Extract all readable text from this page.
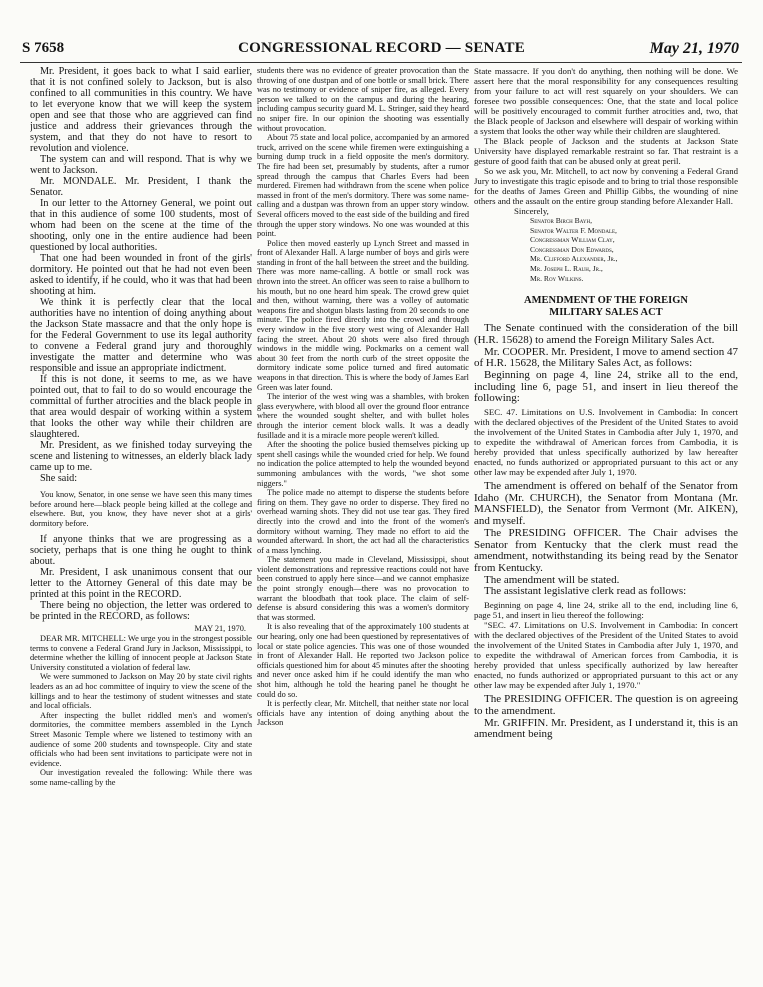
CONGRESSIONAL RECORD — SENATE
S 7658	May 21, 1970

Mr. President, it goes back to what I said earlier, that it is not confined solely to Jackson, but is also confined to all communities in this country. We have to let everyone know that we will keep the system open and see that those who are aggrieved can find justice and address their grievances through the system, and that they do not have to resort to revolution and violence.

The system can and will respond. That is why we went to Jackson.

Mr. MONDALE. Mr. President, I thank the Senator.

In our letter to the Attorney General, we point out that in this audience of some 100 students, most of whom had been on the scene at the time of the shooting, only one in the entire audience had been questioned by local authorities.

That one had been wounded in front of the girls' dormitory. He pointed out that he had not even been asked to identify, if he could, who it was that had been shooting at him.

We think it is perfectly clear that the local authorities have no intention of doing anything about the Jackson State massacre and that the only hope is for the Federal Government to use its legal authority to convene a Federal grand jury and thoroughly investigate the matter and determine who was responsible and issue an appropriate indictment.

If this is not done, it seems to me, as we have pointed out, that to fail to do so would encourage the committal of further atrocities and the black people in that area would despair of working within a system that looks the other way while their children are slaughtered.

Mr. President, as we finished today surveying the scene and listening to witnesses, an elderly black lady came up to me.

She said:

You know, Senator, in one sense we have seen this many times before around here—black people being killed at the college and elsewhere. But, you know, they have never shot at a girls' dormitory before.

If anyone thinks that we are progressing as a society, perhaps that is one thing he ought to think about.

Mr. President, I ask unanimous consent that our letter to the Attorney General of this date may be printed at this point in the RECORD.

There being no objection, the letter was ordered to be printed in the RECORD, as follows:

MAY 21, 1970.

DEAR MR. MITCHELL: We urge you in the strongest possible terms to convene a Federal Grand Jury in Jackson, Mississippi, to determine whether the killing of innocent people at Jackson State University constituted a violation of federal law.

We were summoned to Jackson on May 20 by state civil rights leaders as an ad hoc committee of inquiry to view the scene of the killings and to hear the testimony of student witnesses and state and local officials.

After inspecting the bullet riddled men's and women's dormitories, the committee members assembled in the Lynch Street Masonic Temple where we listened to testimony with an audience of some 200 students and townspeople. City and state officials who had been sent invitations to participate were not in evidence.

Our investigation revealed the following: While there was some name-calling by the

students there was no evidence of greater provocation than the throwing of one dustpan and of one bottle or small brick. There was no testimony or evidence of sniper fire, as alleged. Every person we talked to on the campus and during the hearing, including campus security guard M. L. Stringer, said they heard no sniper fire. In our opinion the shooting was essentially without provocation.

About 75 state and local police, accompanied by an armored truck, arrived on the scene while firemen were extinguishing a burning dump truck in a field opposite the men's dormitory. The fire had been set, presumably by students, after a rumor spread through the campus that Charles Evers had been murdered. Firemen had withdrawn from the scene when police massed in front of the men's dormitory. There was some name-calling and a dustpan was thrown from an upper story window. Several officers moved to the east side of the building and fired through the upper story windows. No one was wounded at this point.

Police then moved easterly up Lynch Street and massed in front of Alexander Hall. A large number of boys and girls were standing in front of the hall between the street and the building. There was more name-calling. A bottle or small rock was thrown into the street. An officer was seen to raise a bullhorn to his mouth, but no one heard him speak. The crowd grew quiet and then, without warning, there was a volley of automatic weapons fire and shotgun blasts lasting from 20 seconds to one minute. The police fired directly into the crowd and through every window in the five story west wing of Alexander Hall facing the street. About 20 shots were also fired through windows in the middle wing. Pockmarks on a cement wall about 30 feet from the north curb of the street opposite the dormitory indicate some police turned and fired automatic weapons in that direction. This is where the body of James Earl Green was later found.

The interior of the west wing was a shambles, with broken glass everywhere, with blood all over the ground floor entrance where the wounded sought shelter, and with bullet holes through the interior cement block walls. It was a deadly fusillade and it is a miracle more people weren't killed.

After the shooting the police busied themselves picking up spent shell casings while the wounded cried for help. We found no indication the police attempted to help the wounded beyond summoning ambulances with the words, "we shot some niggers."

The police made no attempt to disperse the students before firing on them. They gave no order to disperse. They fired no overhead warning shots. They did not use tear gas. They fired directly into the crowd and into the front of the women's dormitory without warning. They made no effort to aid the wounded afterward. In short, the act had all the characteristics of a mass lynching.

The statement you made in Cleveland, Mississippi, shout violent demonstrations and repressive reactions could not have been construed to apply here since—and we cannot emphasize the point strongly enough—there was no provocation to warrant the bloodbath that took place. The claim of self-defense is absurd considering this was a women's dormitory that was stormed.

It is also revealing that of the approximately 100 students at our hearing, only one had been questioned by representatives of local or state police agencies. This was one of those wounded in front of Alexander Hall. He reported two Jackson police officials questioned him for about 45 minutes after the shooting and never once asked him if he could identify the man who shot him, although he told the hearing panel he thought he could do so.

It is perfectly clear, Mr. Mitchell, that neither state nor local officials have any intention of doing anything about the Jackson

State massacre. If you don't do anything, then nothing will be done. We assert here that the moral responsibility for any consequences resulting from your failure to act will rest squarely on your shoulders. We can foresee two possible consequences: One, that the state and local police will be positively encouraged to commit further atrocities and, two, that the Black people of Jackson and elsewhere will despair of working within a system that looks the other way while their children are slaughtered.

The Black people of Jackson and the students at Jackson State University have displayed remarkable restraint so far. That restraint is a gesture of good faith that can be abused only at great peril.

So we ask you, Mr. Mitchell, to act now by convening a Federal Grand Jury to investigate this tragic episode and to bring to trial those responsible for the deaths of James Green and Phillip Gibbs, the wounding of nine others and the assault on the entire group standing before Alexander Hall.

Sincerely,

Senator Birch Bayh,
Senator Walter F. Mondale,
Congressman William Clay,
Congressman Don Edwards,
Mr. Clifford Alexander, Jr.,
Mr. Joseph L. Rauh, Jr.,
Mr. Roy Wilkins.
AMENDMENT OF THE FOREIGN
MILITARY SALES ACT

The Senate continued with the consideration of the bill (H.R. 15628) to amend the Foreign Military Sales Act.

Mr. COOPER. Mr. President, I move to amend section 47 of H.R. 15628, the Military Sales Act, as follows:

Beginning on page 4, line 24, strike all to the end, including line 6, page 51, and insert in lieu thereof the following:

SEC. 47. Limitations on U.S. Involvement in Cambodia: In concert with the declared objectives of the President of the United States to avoid the involvement of the United States in Cambodia after July 1, 1970, and to expedite the withdrawal of American forces from Cambodia, it is hereby provided that unless specifically authorized by law hereafter enacted, no funds authorized or appropriated pursuant to this act or any other law may be expended after July 1, 1970.

The amendment is offered on behalf of the Senator from Idaho (Mr. CHURCH), the Senator from Montana (Mr. MANSFIELD), the Senator from Vermont (Mr. AIKEN), and myself.

The PRESIDING OFFICER. The Chair advises the Senator from Kentucky that the clerk must read the amendment, notwithstanding its being read by the Senator from Kentucky.

The amendment will be stated.

The assistant legislative clerk read as follows:

Beginning on page 4, line 24, strike all to the end, including line 6, page 51, and insert in lieu thereof the following:

"SEC. 47. Limitations on U.S. Involvement in Cambodia: In concert with the declared objectives of the President of the United States to avoid the involvement of the United States in Cambodia after July 1, 1970, and to expedite the withdrawal of American forces from Cambodia, it is hereby provided that unless specifically authorized by law hereafter enacted, no funds authorized or appropriated pursuant to this act or any other law may be expended after July 1, 1970."

The PRESIDING OFFICER. The question is on agreeing to the amendment.

Mr. GRIFFIN. Mr. President, as I understand it, this is an amendment being
